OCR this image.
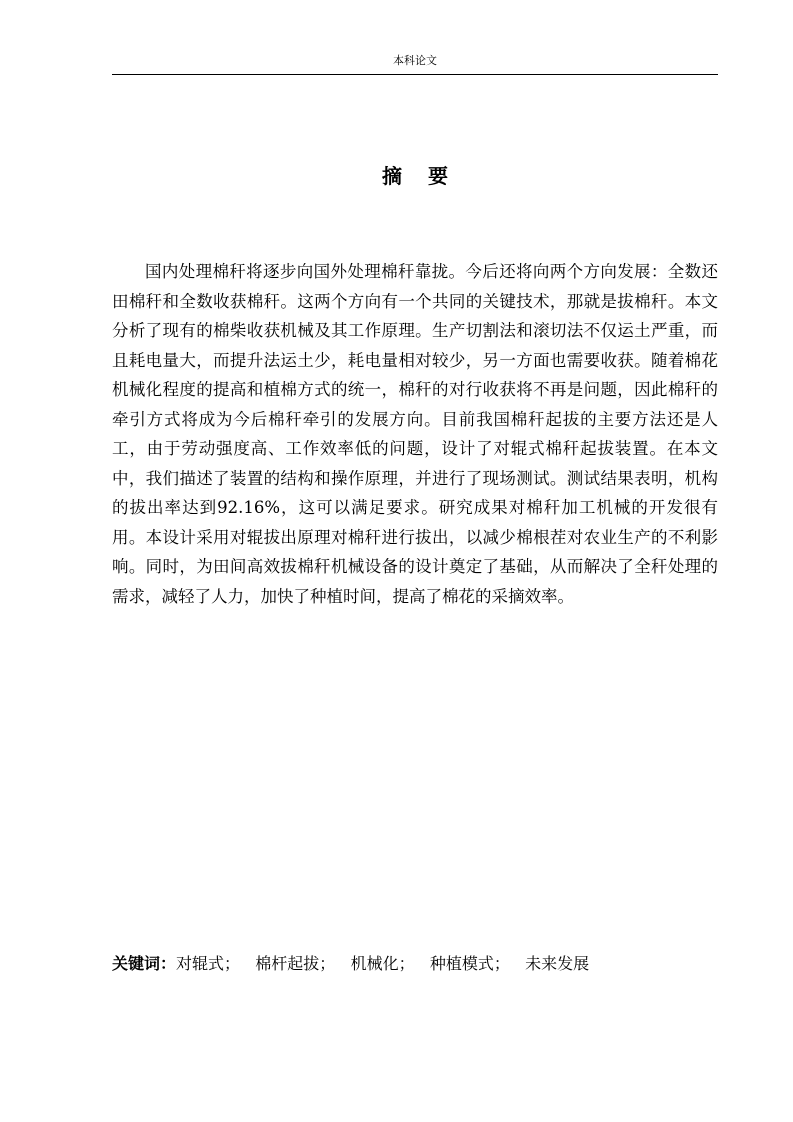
本科论文
摘要

国内处理棉秆将逐步向国外处理棉秆靠拢。今后还将向两个方向发展：全数还田棉秆和全数收获棉秆。这两个方向有一个共同的关键技术，那就是拔棉秆。本文分析了现有的棉柴收获机械及其工作原理。生产切割法和滚切法不仅运土严重，而且耗电量大，而提升法运土少，耗电量相对较少，另一方面也需要收获。随着棉花机械化程度的提高和植棉方式的统一，棉秆的对行收获将不再是问题，因此棉秆的牵引方式将成为今后棉秆牵引的发展方向。目前我国棉秆起拔的主要方法还是人工，由于劳动强度高、工作效率低的问题，设计了对辊式棉秆起拔装置。在本文中，我们描述了装置的结构和操作原理，并进行了现场测试。测试结果表明，机构的拔出率达到92.16%，这可以满足要求。研究成果对棉秆加工机械的开发很有用。本设计采用对辊拔出原理对棉秆进行拔出，以减少棉根茬对农业生产的不利影响。同时，为田间高效拔棉秆机械设备的设计奠定了基础，从而解决了全秆处理的需求，减轻了人力，加快了种植时间，提高了棉花的采摘效率。

关键词：对辊式； 棉杆起拔； 机械化； 种植模式； 未来发展
